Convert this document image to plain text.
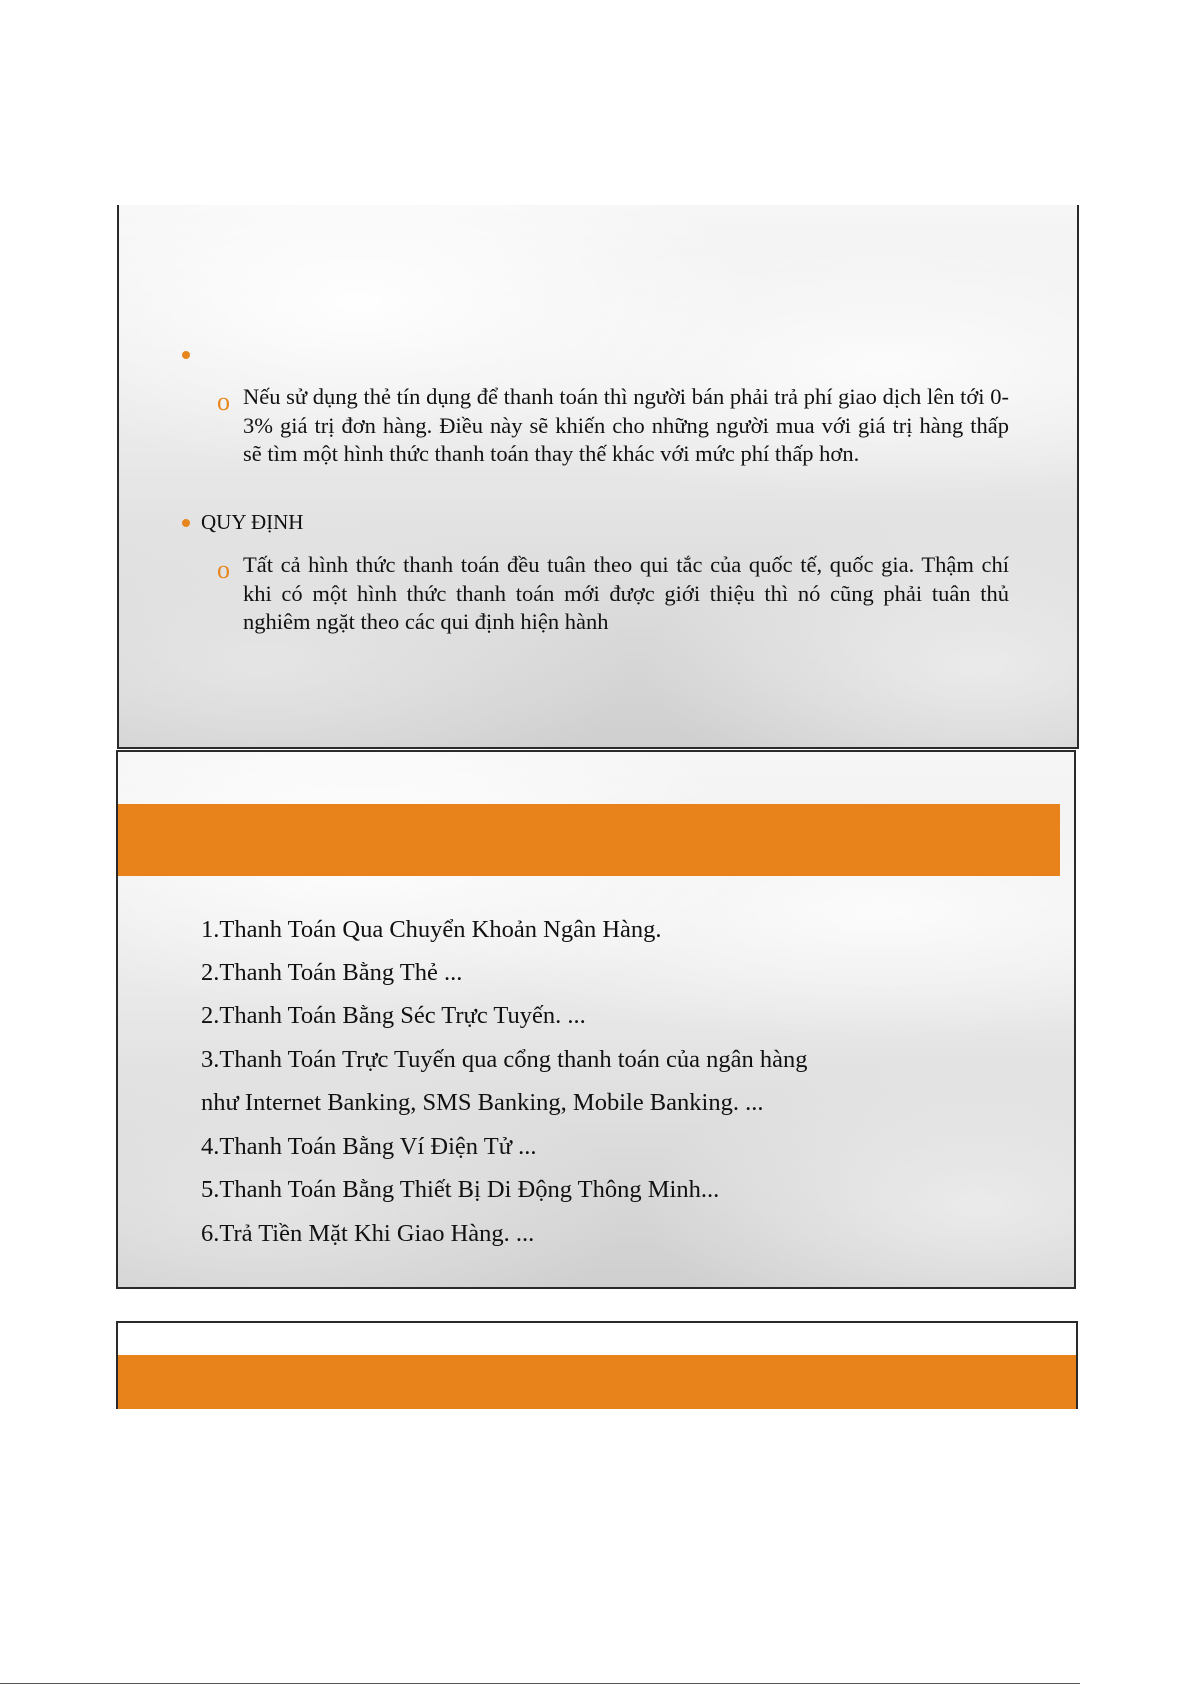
o Nếu sử dụng thẻ tín dụng để thanh toán thì người bán phải trả phí giao dịch lên tới 0-3% giá trị đơn hàng. Điều này sẽ khiến cho những người mua với giá trị hàng thấp sẽ tìm một hình thức thanh toán thay thế khác với mức phí thấp hơn.
QUY ĐỊNH
o Tất cả hình thức thanh toán đều tuân theo qui tắc của quốc tế, quốc gia. Thậm chí khi có một hình thức thanh toán mới được giới thiệu thì nó cũng phải tuân thủ nghiêm ngặt theo các qui định hiện hành
1.Thanh Toán Qua Chuyển Khoản Ngân Hàng.
2.Thanh Toán Bằng Thẻ ...
2.Thanh Toán Bằng Séc Trực Tuyến. ...
3.Thanh Toán Trực Tuyến qua cổng thanh toán của ngân hàng
như Internet Banking, SMS Banking, Mobile Banking. ...
4.Thanh Toán Bằng Ví Điện Tử ...
5.Thanh Toán Bằng Thiết Bị Di Động Thông Minh...
6.Trả Tiền Mặt Khi Giao Hàng. ...
